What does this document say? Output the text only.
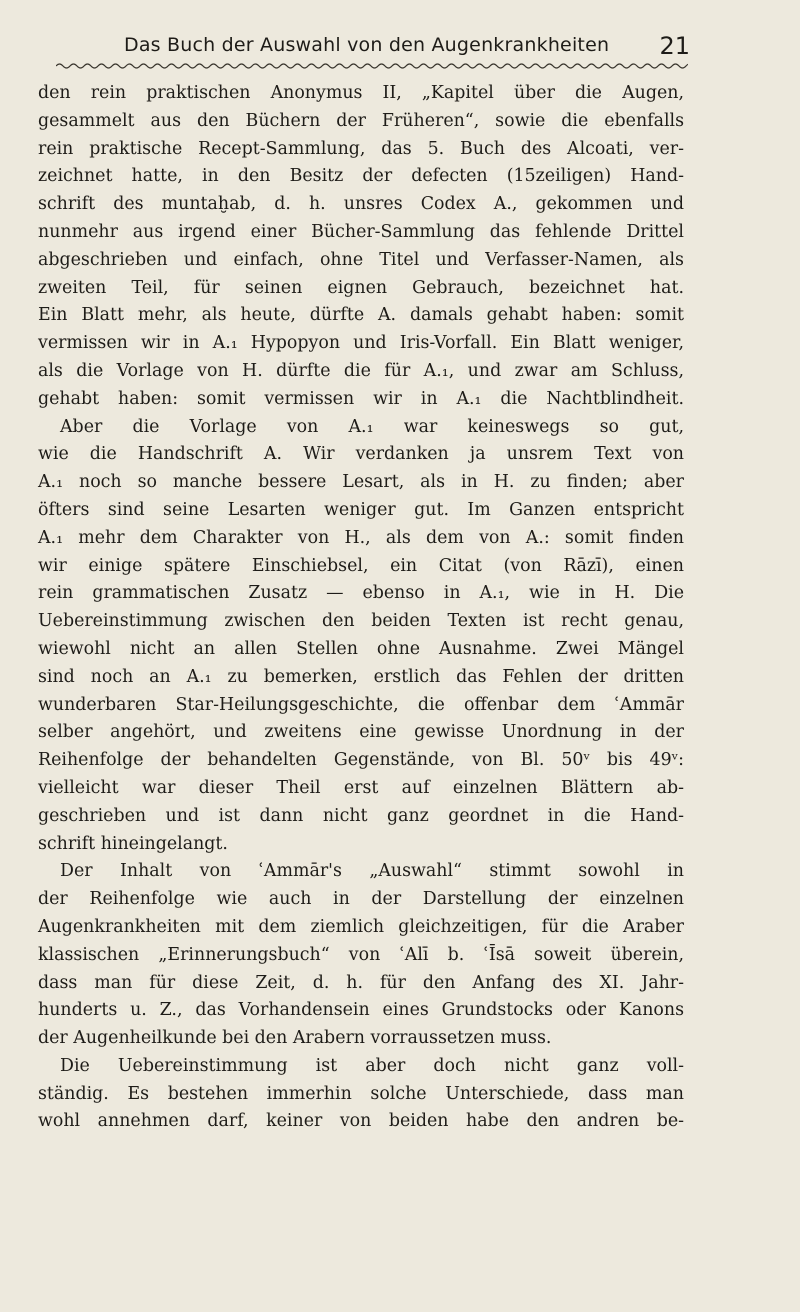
Das Buch der Auswahl von den Augenkrankheiten 21
den rein praktischen Anonymus II, „Kapitel über die Augen,
gesammelt aus den Büchern der Früheren“, sowie die ebenfalls
rein praktische Recept-Sammlung, das 5. Buch des Alcoati, ver-
zeichnet hatte, in den Besitz der defecten (15zeiligen) Hand-
schrift des muntaḫab, d. h. unsres Codex A., gekommen und
nunmehr aus irgend einer Bücher-Sammlung das fehlende Drittel
abgeschrieben und einfach, ohne Titel und Verfasser-Namen, als
zweiten Teil, für seinen eignen Gebrauch, bezeichnet hat.
Ein Blatt mehr, als heute, dürfte A. damals gehabt haben: somit
vermissen wir in A.₁ Hypopyon und Iris-Vorfall. Ein Blatt weniger,
als die Vorlage von H. dürfte die für A.₁, und zwar am Schluss,
gehabt haben: somit vermissen wir in A.₁ die Nachtblindheit.
Aber die Vorlage von A.₁ war keineswegs so gut,
wie die Handschrift A. Wir verdanken ja unsrem Text von
A.₁ noch so manche bessere Lesart, als in H. zu finden; aber
öfters sind seine Lesarten weniger gut. Im Ganzen entspricht
A.₁ mehr dem Charakter von H., als dem von A.: somit finden
wir einige spätere Einschiebsel, ein Citat (von Rāzī), einen
rein grammatischen Zusatz — ebenso in A.₁, wie in H. Die
Uebereinstimmung zwischen den beiden Texten ist recht genau,
wiewohl nicht an allen Stellen ohne Ausnahme. Zwei Mängel
sind noch an A.₁ zu bemerken, erstlich das Fehlen der dritten
wunderbaren Star-Heilungsgeschichte, die offenbar dem ʿAmmār
selber angehört, und zweitens eine gewisse Unordnung in der
Reihenfolge der behandelten Gegenstände, von Bl. 50ᵛ bis 49ᵛ:
vielleicht war dieser Theil erst auf einzelnen Blättern ab-
geschrieben und ist dann nicht ganz geordnet in die Hand-
schrift hineingelangt.
Der Inhalt von ʿAmmār's „Auswahl“ stimmt sowohl in
der Reihenfolge wie auch in der Darstellung der einzelnen
Augenkrankheiten mit dem ziemlich gleichzeitigen, für die Araber
klassischen „Erinnerungsbuch“ von ʿAlī b. ʿĪsā soweit überein,
dass man für diese Zeit, d. h. für den Anfang des XI. Jahr-
hunderts u. Z., das Vorhandensein eines Grundstocks oder Kanons
der Augenheilkunde bei den Arabern vorraussetzen muss.
Die Uebereinstimmung ist aber doch nicht ganz voll-
ständig. Es bestehen immerhin solche Unterschiede, dass man
wohl annehmen darf, keiner von beiden habe den andren be-
